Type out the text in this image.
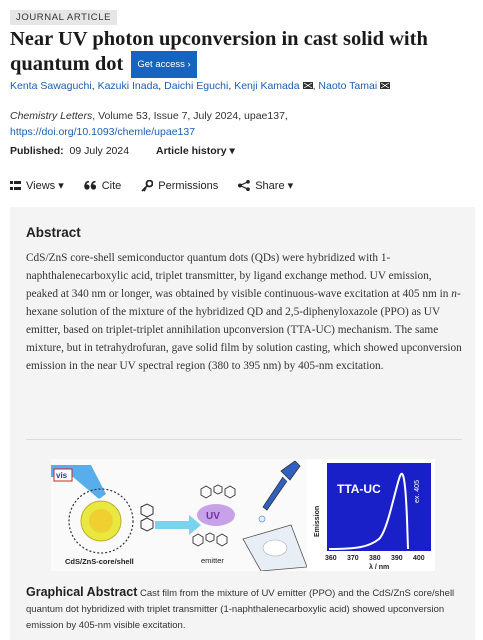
JOURNAL ARTICLE
Near UV photon upconversion in cast solid with quantum dot Get access ›
Kenta Sawaguchi, Kazuki Inada, Daichi Eguchi, Kenji Kamada , Naoto Tamai
Chemistry Letters, Volume 53, Issue 7, July 2024, upae137,
https://doi.org/10.1093/chemle/upae137
Published: 09 July 2024	Article history ▾
Views ▾	Cite	Permissions	Share ▾
Abstract
CdS/ZnS core-shell semiconductor quantum dots (QDs) were hybridized with 1-naphthalenecarboxylic acid, triplet transmitter, by ligand exchange method. UV emission, peaked at 340 nm or longer, was obtained by visible continuous-wave excitation at 405 nm in n-hexane solution of the mixture of the hybridized QD and 2,5-diphenyloxazole (PPO) as UV emitter, based on triplet-triplet annihilation upconversion (TTA-UC) mechanism. The same mixture, but in tetrahydrofuran, gave solid film by solution casting, which showed upconversion emission in the near UV spectral region (380 to 395 nm) by 405-nm excitation.
vis
UV
CdS/ZnS-core/shell	emitter
TTA-UC	ex. 405
Emission
360 370 380 390 400
λ / nm
Graphical Abstract Cast film from the mixture of UV emitter (PPO) and the CdS/ZnS core/shell quantum dot hybridized with triplet transmitter (1-naphthalenecarboxylic acid) showed upconversion emission by 405-nm visible excitation.
